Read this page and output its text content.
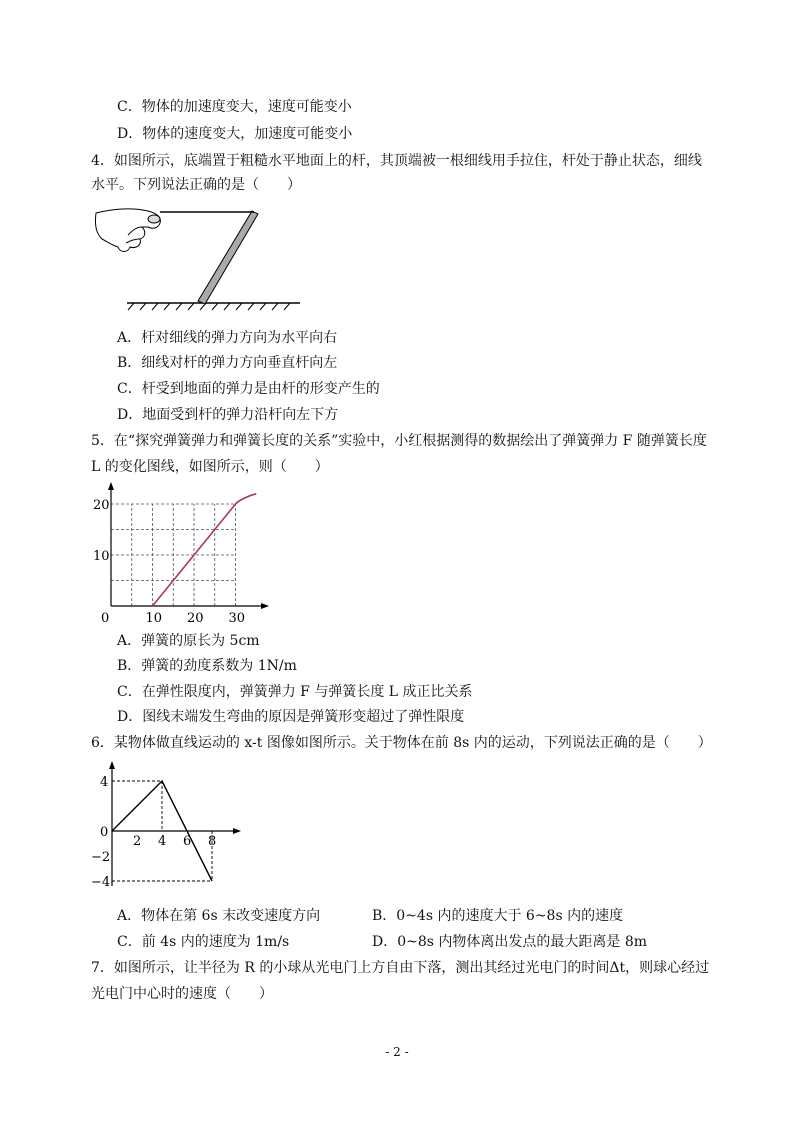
C．物体的加速度变大，速度可能变小
D．物体的速度变大，加速度可能变小
4．如图所示，底端置于粗糙水平地面上的杆，其顶端被一根细线用手拉住，杆处于静止状态，细线
水平。下列说法正确的是（　　）
A．杆对细线的弹力方向为水平向右
B．细线对杆的弹力方向垂直杆向左
C．杆受到地面的弹力是由杆的形变产生的
D．地面受到杆的弹力沿杆向左下方
5．在“探究弹簧弹力和弹簧长度的关系”实验中，小红根据测得的数据绘出了弹簧弹力 F 随弹簧长度
L 的变化图线，如图所示，则（　　）
0	10 20 30
10
20
A．弹簧的原长为 5cm
B．弹簧的劲度系数为 1N/m
C．在弹性限度内，弹簧弹力 F 与弹簧长度 L 成正比关系
D．图线末端发生弯曲的原因是弹簧形变超过了弹性限度
6．某物体做直线运动的 x-t 图像如图所示。关于物体在前 8s 内的运动，下列说法正确的是（　　）
2 4 6 8
4
0
−2
−4
A．物体在第 6s 末改变速度方向	B．0~4s 内的速度大于 6~8s 内的速度
C．前 4s 内的速度为 1m/s	D．0~8s 内物体离出发点的最大距离是 8m
7．如图所示，让半径为 R 的小球从光电门上方自由下落，测出其经过光电门的时间Δt，则球心经过
光电门中心时的速度（　　）
- 2 -
